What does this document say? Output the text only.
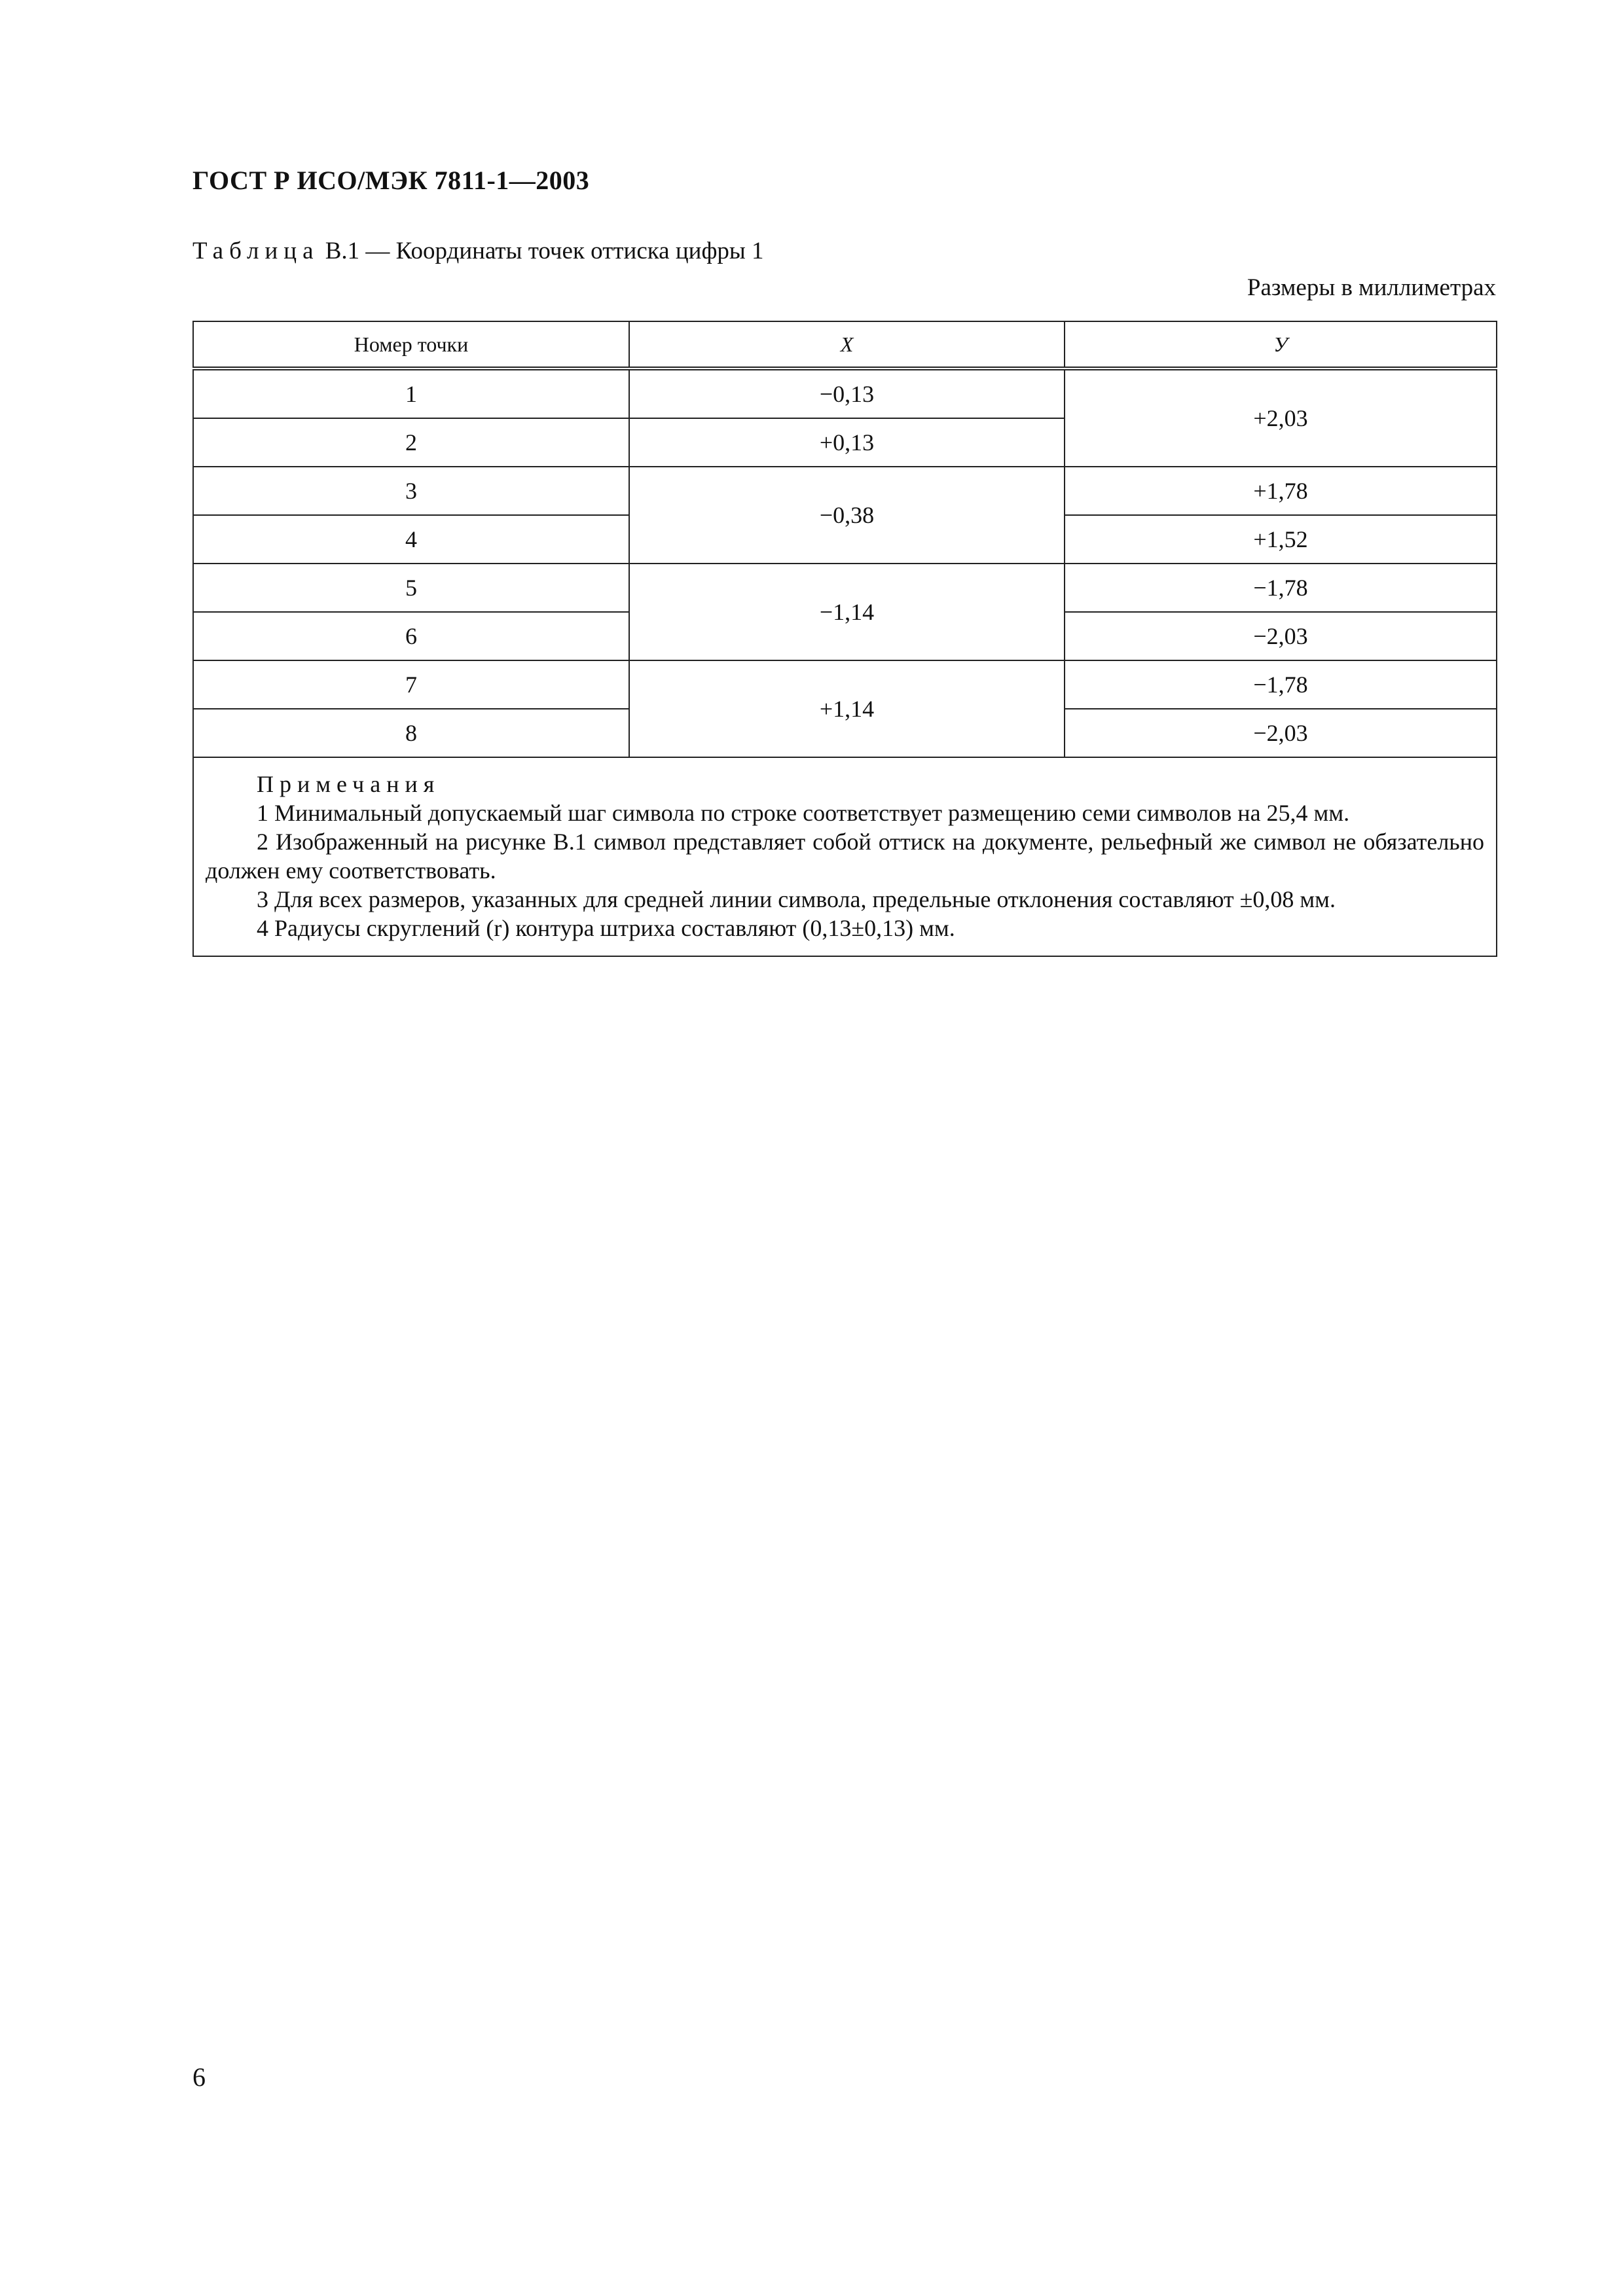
ГОСТ Р ИСО/МЭК 7811-1—2003
Таблица В.1 — Координаты точек оттиска цифры 1
Размеры в миллиметрах
Номер точки	X	У
1	−0,13	+2,03
2	+0,13	
3	−0,38	+1,78
4		+1,52
5	−1,14	−1,78
6		−2,03
7	+1,14	−1,78
8		−2,03

Примечания
1 Минимальный допускаемый шаг символа по строке соответствует размещению семи символов на 25,4 мм.
2 Изображенный на рисунке В.1 символ представляет собой оттиск на документе, рельефный же символ не обязательно должен ему соответствовать.
3 Для всех размеров, указанных для средней линии символа, предельные отклонения составляют ±0,08 мм.
4 Радиусы скруглений (r) контура штриха составляют (0,13±0,13) мм.		
6
